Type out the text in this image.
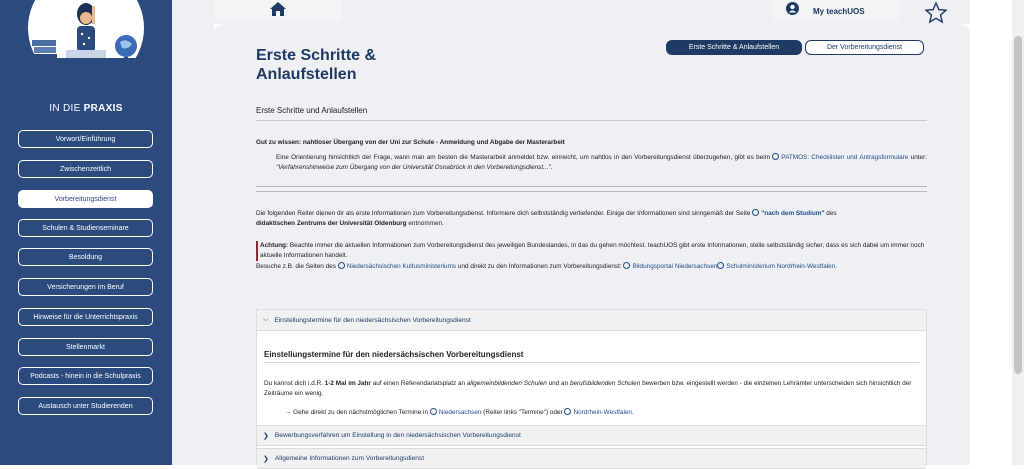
IN DIE PRAXIS
Vorwort/Einführung
Zwischenzeitlich
Vorbereitungsdienst
Schulen & Studienseminare
Besoldung
Versicherungen im Beruf
Hinweise für die Unterrichtspraxis
Stellenmarkt
Podcasts - hinein in die Schulpraxis
Austausch unter Studierenden
My teachUOS
Erste Schritte &
Anlaufstellen
Erste Schritte & Anlaufstellen	Der Vorbereitungsdienst
Erste Schritte und Anlaufstellen
Gut zu wissen: nahtloser Übergang von der Uni zur Schule - Anmeldung und Abgabe der Masterarbeit
Eine Orientierung hinsichtlich der Frage, wann man am besten die Masterarbeit anmeldet bzw. einreicht, um nahtlos in den Vorbereitungsdienst überzugehen, gibt es beim PATMOS: Checklisten und Antragsformulare unter: "Verfahrenshinweise zum Übergang von der Universität Osnabrück in den Vorbereitungsdienst...".
Die folgenden Reiter dienen dir als erste Informationen zum Vorbereitungsdienst. Informiere dich selbstständig vertiefender. Einige der Informationen sind sinngemäß der Seite "nach dem Studium" des
didaktischen Zentrums der Universität Oldenburg entnommen.
Achtung: Beachte immer die aktuellen Informationen zum Vorbereitungsdienst des jeweiligen Bundeslandes, in das du gehen möchtest. teachUOS gibt erste Informationen, stelle selbstständig sicher, dass es sich dabei um immer noch aktuelle Informationen handelt.
Besuche z.B. die Seiten des Niedersächsischen Kultusministeriums und direkt zu den Informationen zum Vorbereitungsdienst: Bildungsportal Niedersachsen Schulministerium Nordrhein-Westfalen.
⌵ Einstellungstermine für den niedersächsischen Vorbereitungsdienst
Einstellungstermine für den niedersächsischen Vorbereitungsdienst
Du kannst dich i.d.R. 1-2 Mal im Jahr auf einen Referendariatsplatz an allgemeinbildenden Schulen und an berufsbildenden Schulen bewerben bzw. eingestellt werden - die einzelnen Lehrämter unterscheiden sich hinsichtlich der Zeiträume ein wenig.
→ Gehe direkt zu den nächstmöglichen Termine in Niedersachsen (Reiter links "Termine") oder Nordrhein-Westfalen.
❯ Bewerbungsverfahren um Einstellung in den niedersächsischen Vorbereitungsdienst
❯ Allgemeine Informationen zum Vorbereitungsdienst
